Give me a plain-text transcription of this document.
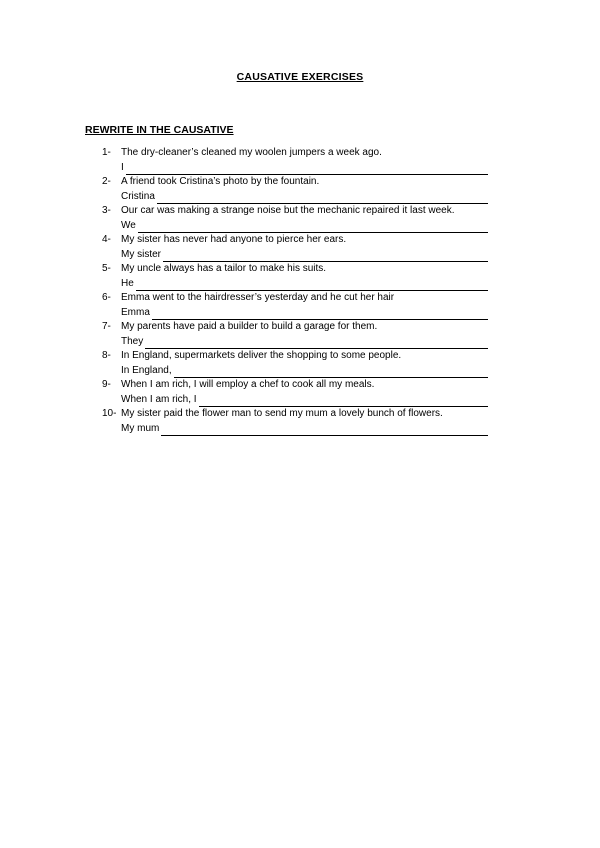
CAUSATIVE EXERCISES
REWRITE IN THE CAUSATIVE
1-	The dry-cleaner’s cleaned my woolen jumpers a week ago.
I
2-	A friend took Cristina’s photo by the fountain.
Cristina
3-	Our car was making a strange noise but the mechanic repaired it last week.
We
4-	My sister has never had anyone to pierce her ears.
My sister
5-	My uncle always has a tailor to make his suits.
He
6-	Emma went to the hairdresser’s yesterday and he cut her hair
Emma
7-	My parents have paid a builder to build a garage for them.
They
8-	In England, supermarkets deliver the shopping to some people.
In England,
9-	When I am rich, I will employ a chef to cook all my meals.
When I am rich, I
10- My sister paid the flower man to send my mum a lovely bunch of flowers.
My mum
